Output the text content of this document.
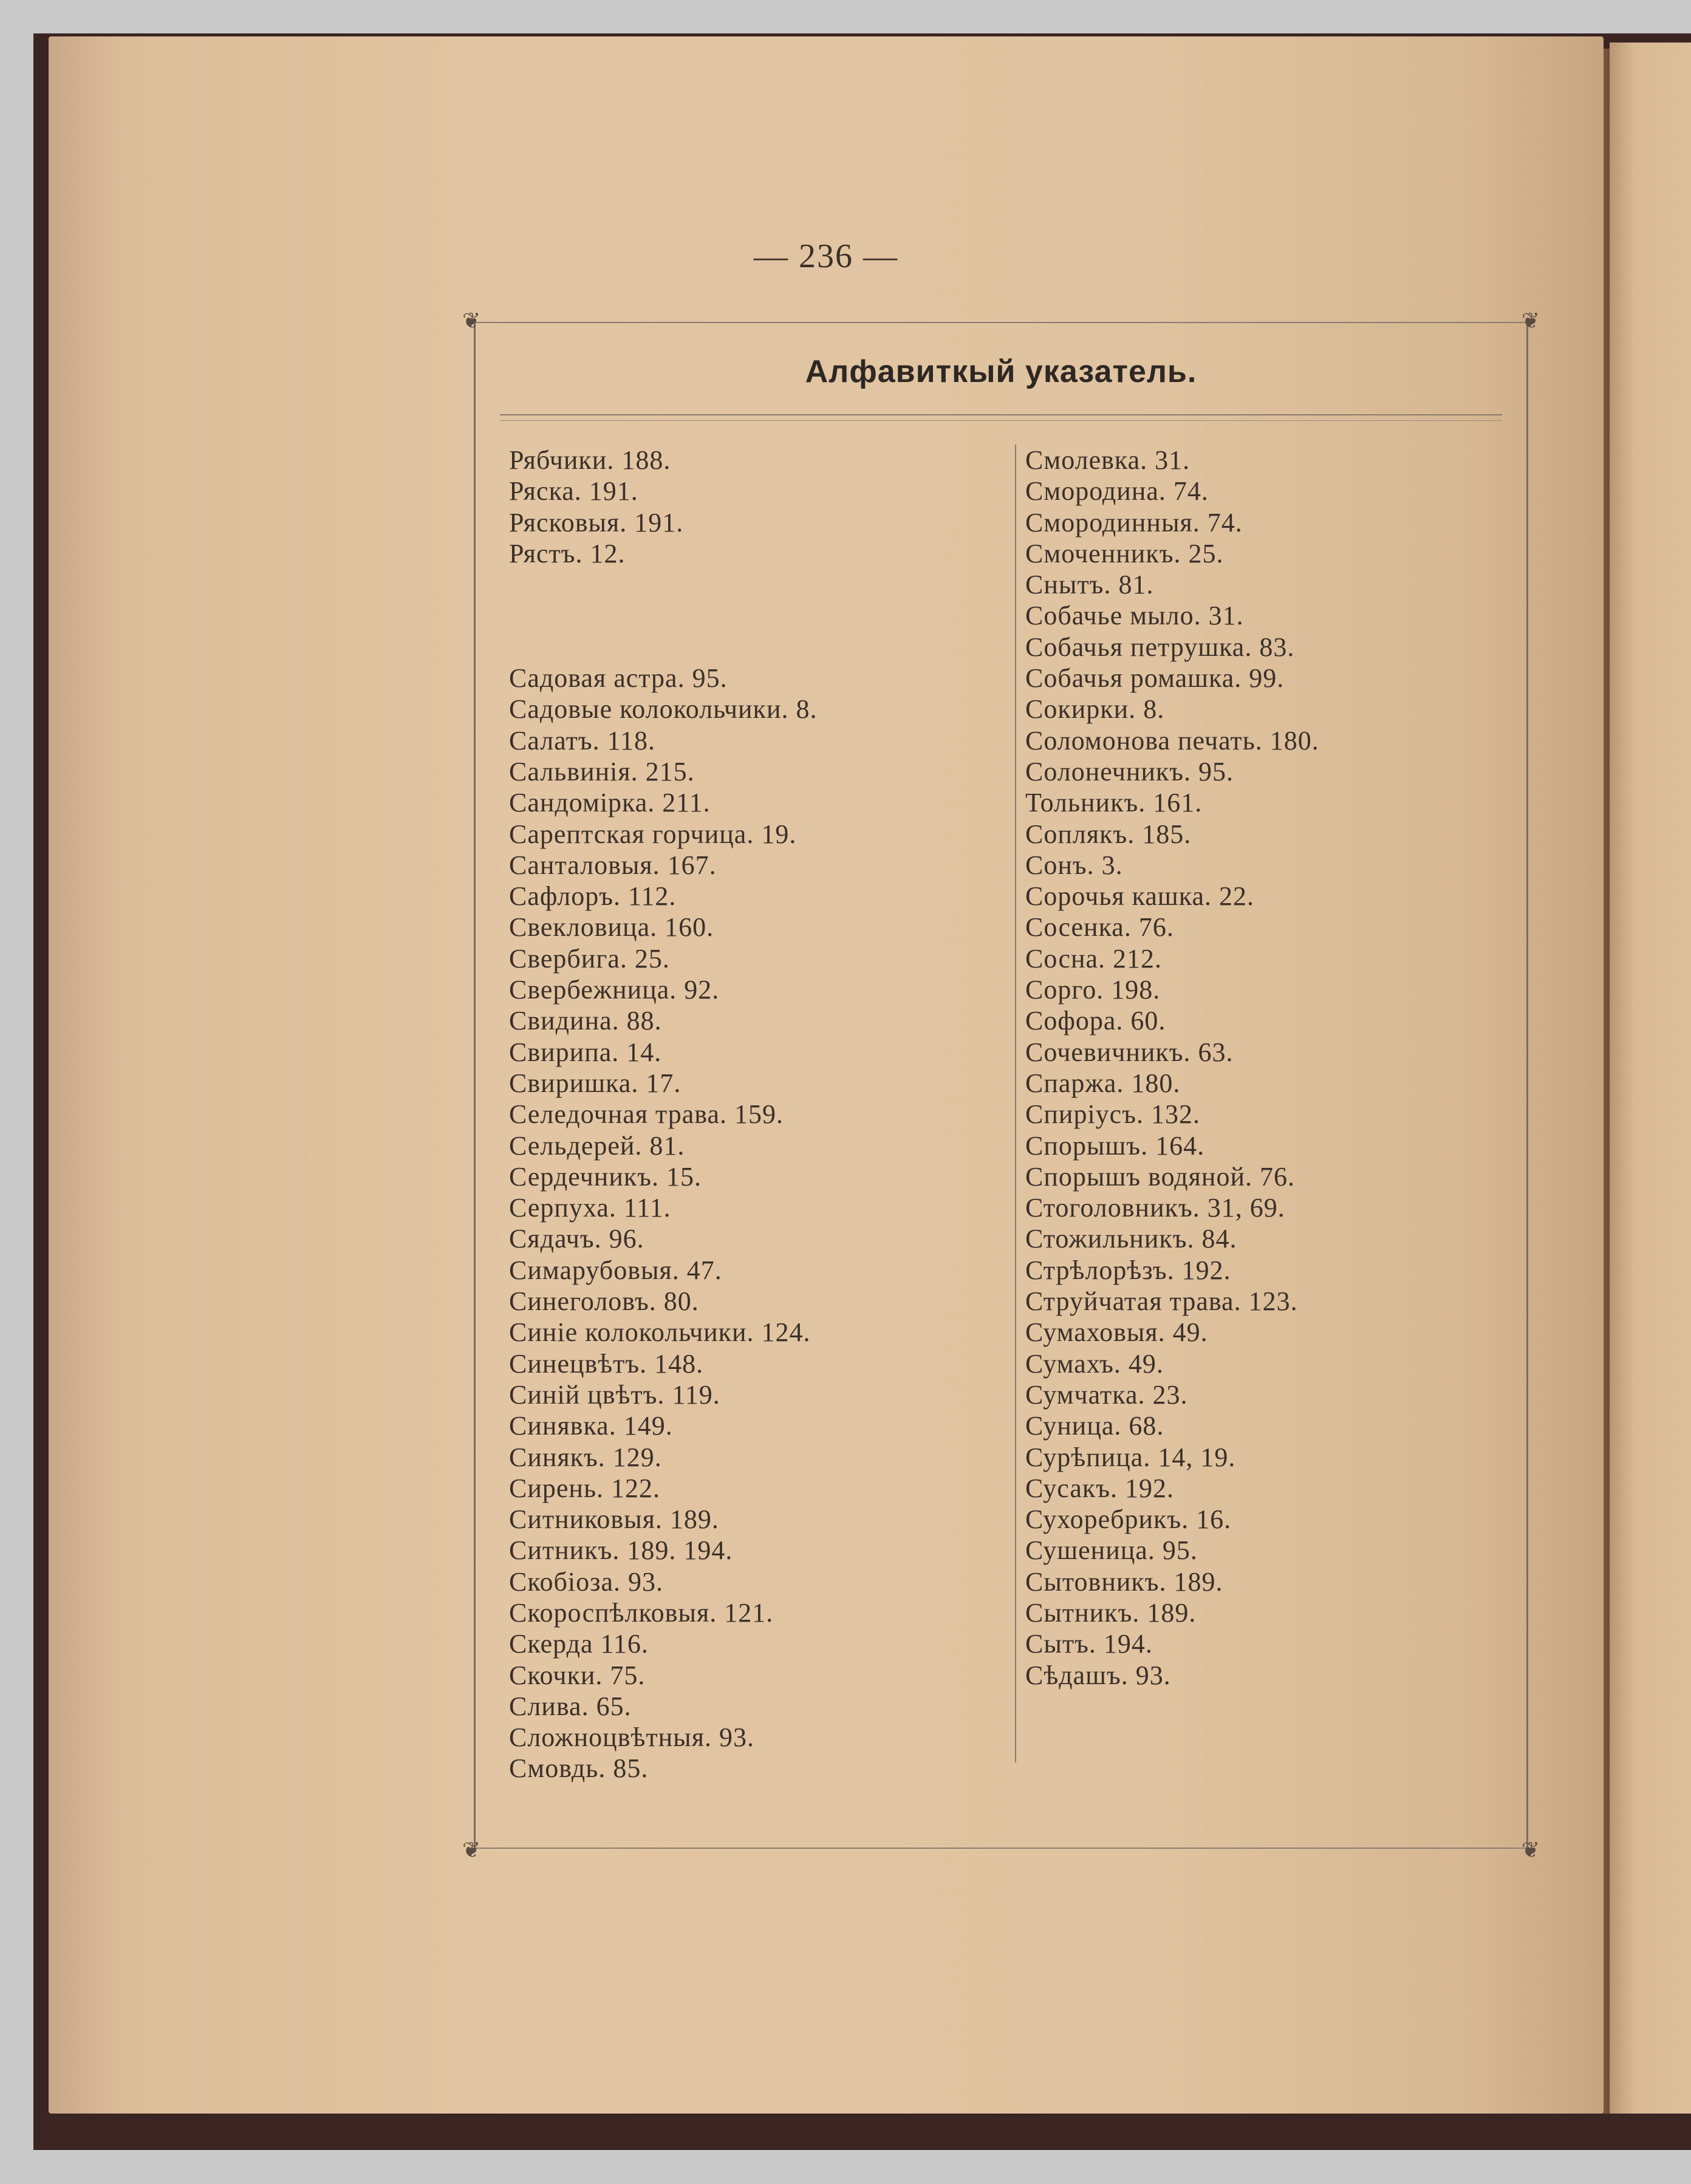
— 236 —
❦	❦
❦	❦
Алфавиткый указатель.
Рябчики. 188.
Ряска. 191.
Рясковыя. 191.
Рястъ. 12.
Садовая астра. 95.
Садовые колокольчики. 8.
Салатъ. 118.
Сальвинія. 215.
Сандомірка. 211.
Сарептская горчица. 19.
Санталовыя. 167.
Сафлоръ. 112.
Свекловица. 160.
Свербига. 25.
Свербежница. 92.
Свидина. 88.
Свирипа. 14.
Свиришка. 17.
Селедочная трава. 159.
Сельдерей. 81.
Сердечникъ. 15.
Серпуха. 111.
Сядачъ. 96.
Симарубовыя. 47.
Синеголовъ. 80.
Синіе колокольчики. 124.
Синецвѣтъ. 148.
Синій цвѣтъ. 119.
Синявка. 149.
Синякъ. 129.
Сирень. 122.
Ситниковыя. 189.
Ситникъ. 189. 194.
Скобіоза. 93.
Скороспѣлковыя. 121.
Скерда 116.
Скочки. 75.
Слива. 65.
Сложноцвѣтныя. 93.
Смовдь. 85.
Смолевка. 31.
Смородина. 74.
Смородинныя. 74.
Смоченникъ. 25.
Снытъ. 81.
Собачье мыло. 31.
Собачья петрушка. 83.
Собачья ромашка. 99.
Сокирки. 8.
Соломонова печать. 180.
Солонечникъ. 95.
Тольникъ. 161.
Соплякъ. 185.
Сонъ. 3.
Сорочья кашка. 22.
Сосенка. 76.
Сосна. 212.
Сорго. 198.
Софора. 60.
Сочевичникъ. 63.
Спаржа. 180.
Спиріусъ. 132.
Спорышъ. 164.
Спорышъ водяной. 76.
Стоголовникъ. 31, 69.
Стожильникъ. 84.
Стрѣлорѣзъ. 192.
Струйчатая трава. 123.
Сумаховыя. 49.
Сумахъ. 49.
Сумчатка. 23.
Суница. 68.
Сурѣпица. 14, 19.
Сусакъ. 192.
Сухоребрикъ. 16.
Сушеница. 95.
Сытовникъ. 189.
Сытникъ. 189.
Сытъ. 194.
Сѣдашъ. 93.
